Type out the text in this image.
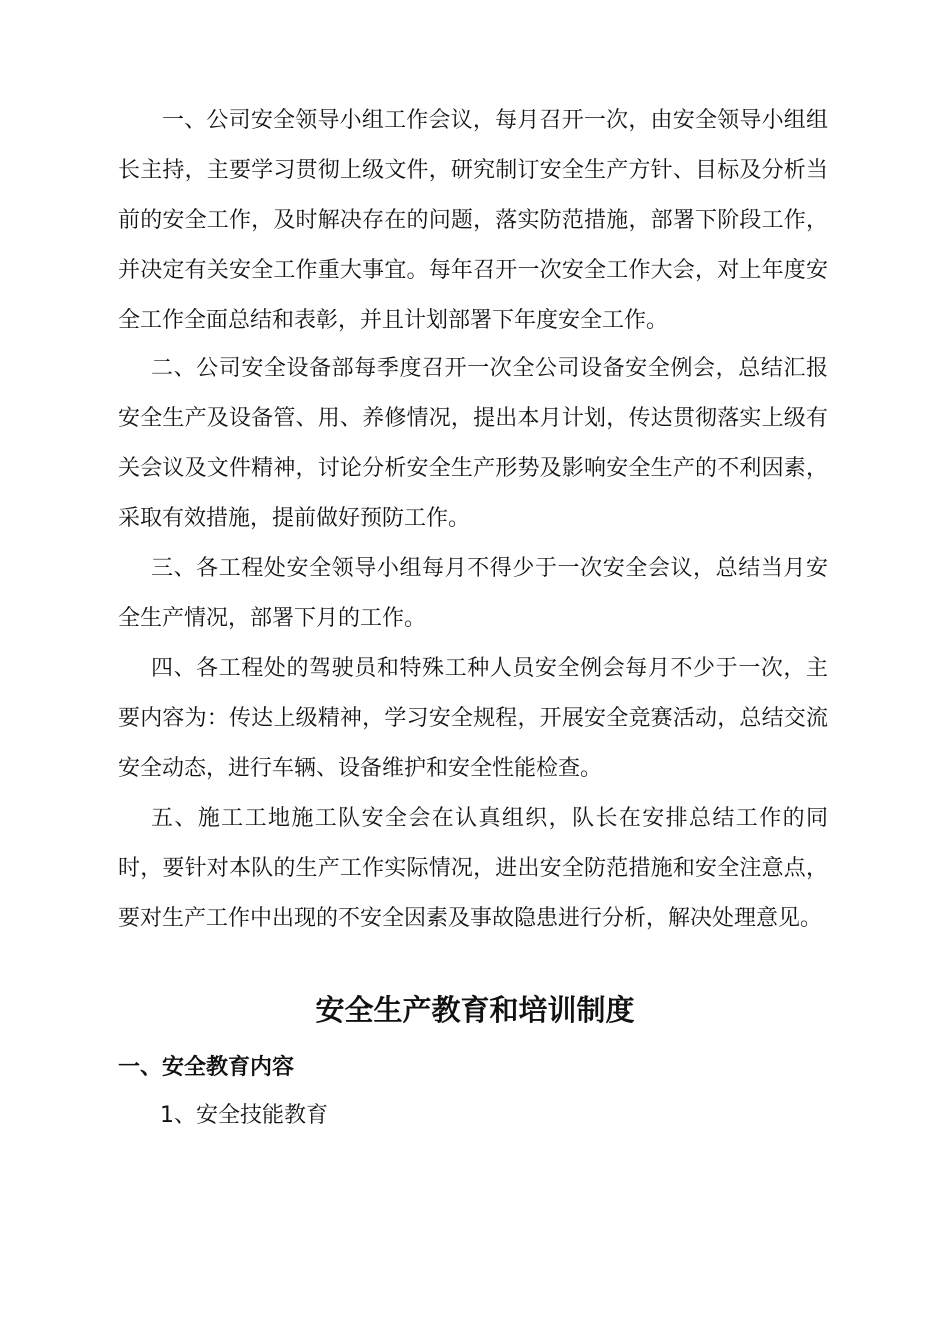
一、公司安全领导小组工作会议，每月召开一次，由安全领导小组组长主持，主要学习贯彻上级文件，研究制订安全生产方针、目标及分析当前的安全工作，及时解决存在的问题，落实防范措施，部署下阶段工作，并决定有关安全工作重大事宜。每年召开一次安全工作大会，对上年度安全工作全面总结和表彰，并且计划部署下年度安全工作。

二、公司安全设备部每季度召开一次全公司设备安全例会，总结汇报安全生产及设备管、用、养修情况，提出本月计划，传达贯彻落实上级有关会议及文件精神，讨论分析安全生产形势及影响安全生产的不利因素，采取有效措施，提前做好预防工作。

三、各工程处安全领导小组每月不得少于一次安全会议，总结当月安全生产情况，部署下月的工作。

四、各工程处的驾驶员和特殊工种人员安全例会每月不少于一次，主要内容为：传达上级精神，学习安全规程，开展安全竞赛活动，总结交流安全动态，进行车辆、设备维护和安全性能检查。

五、施工工地施工队安全会在认真组织，队长在安排总结工作的同时，要针对本队的生产工作实际情况，进出安全防范措施和安全注意点，要对生产工作中出现的不安全因素及事故隐患进行分析，解决处理意见。

安全生产教育和培训制度
一、安全教育内容

1、安全技能教育
